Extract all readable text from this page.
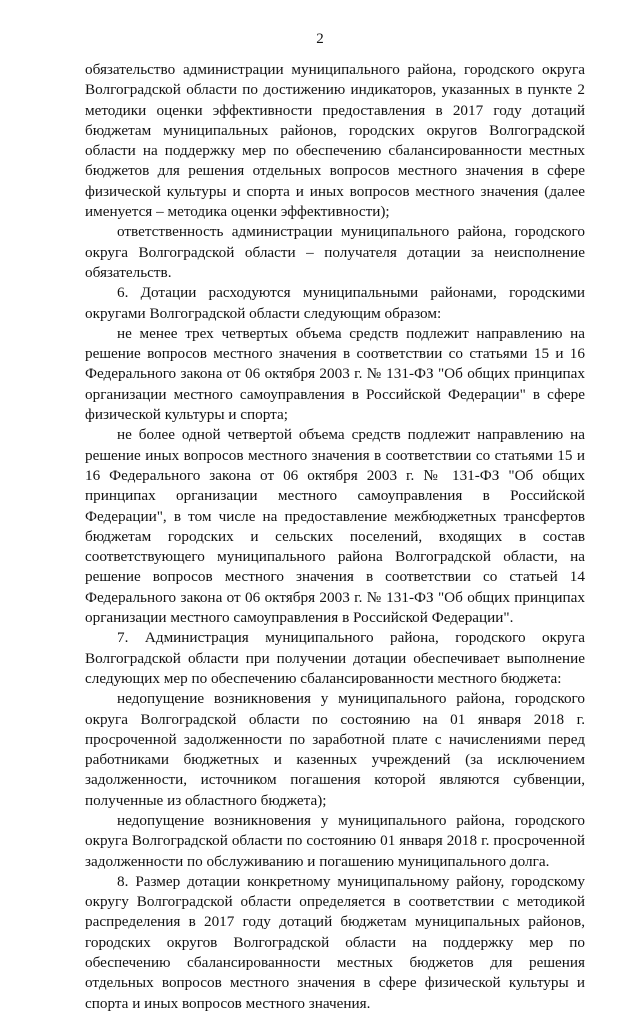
2

обязательство администрации муниципального района, городского округа Волгоградской области по достижению индикаторов, указанных в пункте 2 методики оценки эффективности предоставления в 2017 году дотаций бюджетам муниципальных районов, городских округов Волгоградской области на поддержку мер по обеспечению сбалансированности местных бюджетов для решения отдельных вопросов местного значения в сфере физической культуры и спорта и иных вопросов местного значения (далее именуется – методика оценки эффективности);

ответственность администрации муниципального района, городского округа Волгоградской области – получателя дотации за неисполнение обязательств.

6. Дотации расходуются муниципальными районами, городскими округами Волгоградской области следующим образом:

не менее трех четвертых объема средств подлежит направлению на решение вопросов местного значения в соответствии со статьями 15 и 16 Федерального закона от 06 октября 2003 г. № 131-ФЗ "Об общих принципах организации местного самоуправления в Российской Федерации" в сфере физической культуры и спорта;

не более одной четвертой объема средств подлежит направлению на решение иных вопросов местного значения в соответствии со статьями 15 и 16 Федерального закона от 06 октября 2003 г. № 131-ФЗ "Об общих принципах организации местного самоуправления в Российской Федерации", в том числе на предоставление межбюджетных трансфертов бюджетам городских и сельских поселений, входящих в состав соответствующего муниципального района Волгоградской области, на решение вопросов местного значения в соответствии со статьей 14 Федерального закона от 06 октября 2003 г. № 131-ФЗ "Об общих принципах организации местного самоуправления в Российской Федерации".

7. Администрация муниципального района, городского округа Волгоградской области при получении дотации обеспечивает выполнение следующих мер по обеспечению сбалансированности местного бюджета:

недопущение возникновения у муниципального района, городского округа Волгоградской области по состоянию на 01 января 2018 г. просроченной задолженности по заработной плате с начислениями перед работниками бюджетных и казенных учреждений (за исключением задолженности, источником погашения которой являются субвенции, полученные из областного бюджета);

недопущение возникновения у муниципального района, городского округа Волгоградской области по состоянию 01 января 2018 г. просроченной задолженности по обслуживанию и погашению муниципального долга.

8. Размер дотации конкретному муниципальному району, городскому округу Волгоградской области определяется в соответствии с методикой распределения в 2017 году дотаций бюджетам муниципальных районов, городских округов Волгоградской области на поддержку мер по обеспечению сбалансированности местных бюджетов для решения отдельных вопросов местного значения в сфере физической культуры и спорта и иных вопросов местного значения.
